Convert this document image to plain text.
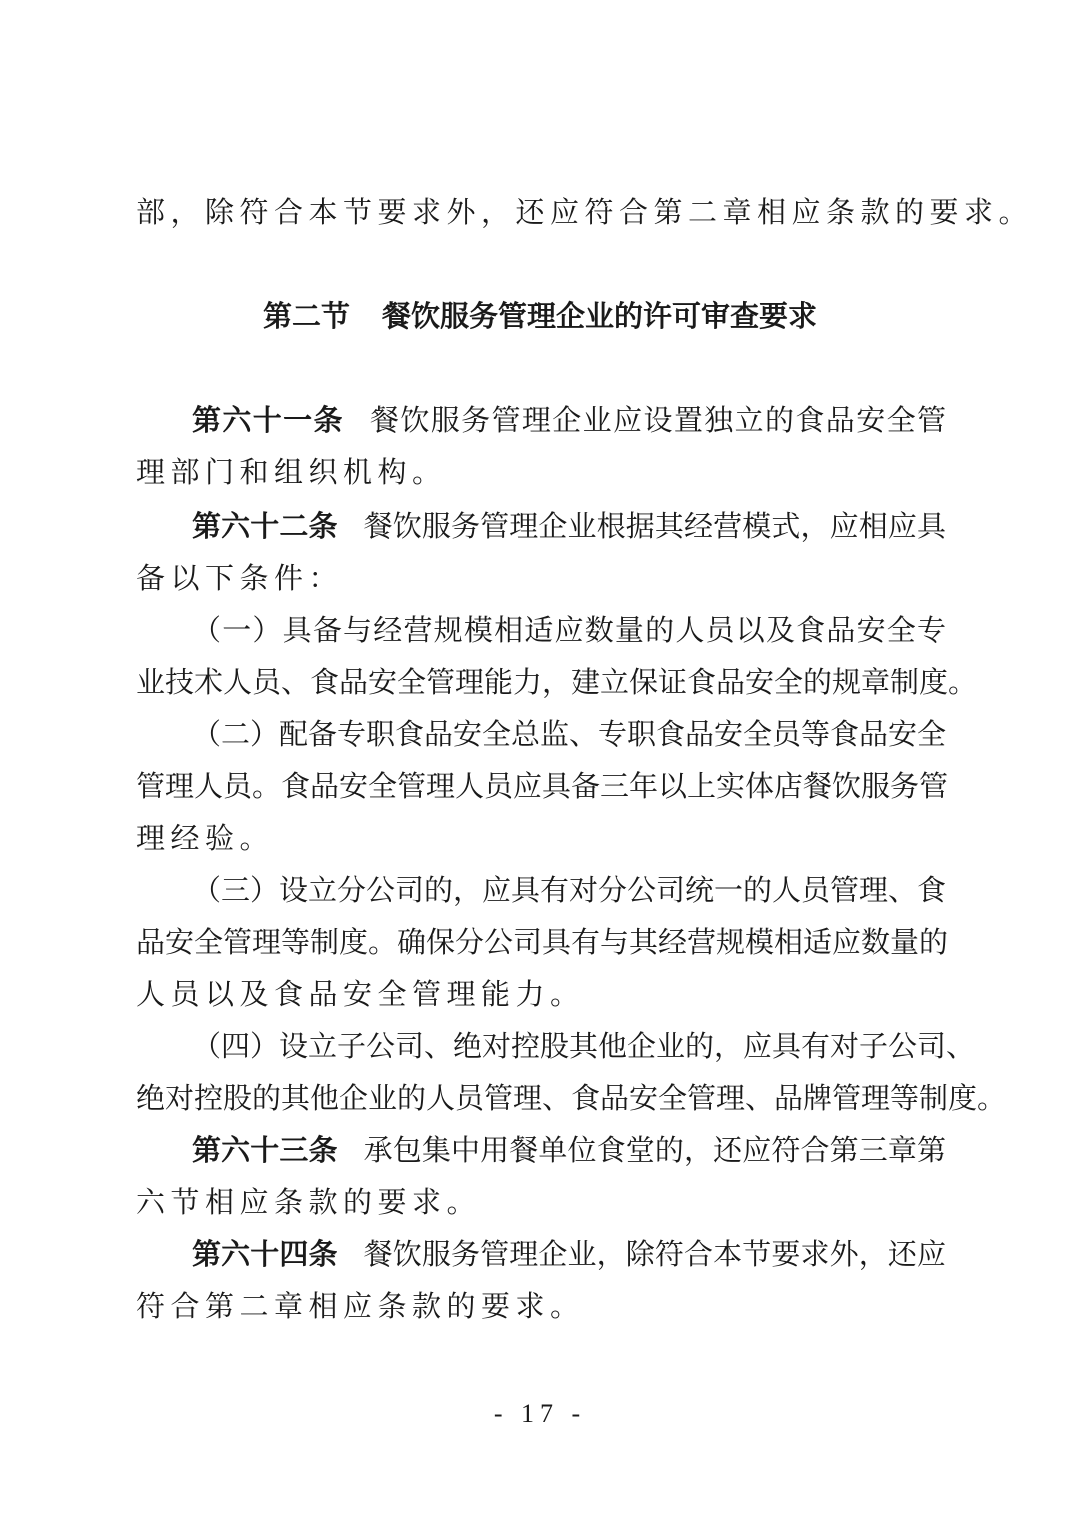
部，除符合本节要求外，还应符合第二章相应条款的要求。
第二节 餐饮服务管理企业的许可审查要求
第六十一条 餐饮服务管理企业应设置独立的食品安全管
理部门和组织机构。
第六十二条 餐饮服务管理企业根据其经营模式，应相应具
备以下条件：
（一）具备与经营规模相适应数量的人员以及食品安全专
业技术人员、食品安全管理能力，建立保证食品安全的规章制度。
（二）配备专职食品安全总监、专职食品安全员等食品安全
管理人员。食品安全管理人员应具备三年以上实体店餐饮服务管
理经验。
（三）设立分公司的，应具有对分公司统一的人员管理、食
品安全管理等制度。确保分公司具有与其经营规模相适应数量的
人员以及食品安全管理能力。
（四）设立子公司、绝对控股其他企业的，应具有对子公司、
绝对控股的其他企业的人员管理、食品安全管理、品牌管理等制度。
第六十三条 承包集中用餐单位食堂的，还应符合第三章第
六节相应条款的要求。
第六十四条 餐饮服务管理企业，除符合本节要求外，还应
符合第二章相应条款的要求。
- 17 -
